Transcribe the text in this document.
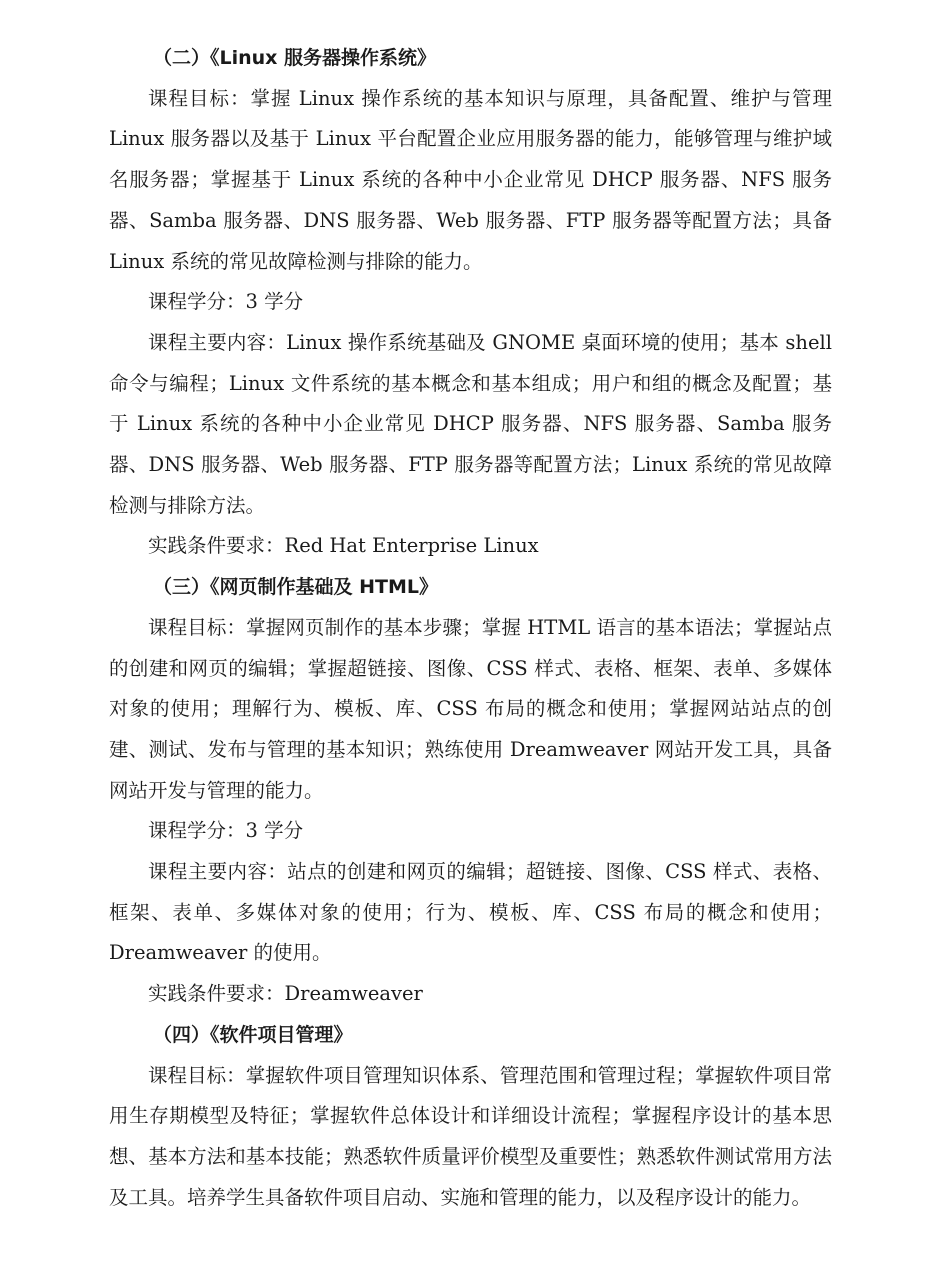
（二）《Linux 服务器操作系统》

课程目标：掌握 Linux 操作系统的基本知识与原理，具备配置、维护与管理 Linux 服务器以及基于 Linux 平台配置企业应用服务器的能力，能够管理与维护域名服务器；掌握基于 Linux 系统的各种中小企业常见 DHCP 服务器、NFS 服务器、Samba 服务器、DNS 服务器、Web 服务器、FTP 服务器等配置方法；具备 Linux 系统的常见故障检测与排除的能力。

课程学分：3 学分

课程主要内容：Linux 操作系统基础及 GNOME 桌面环境的使用；基本 shell 命令与编程；Linux 文件系统的基本概念和基本组成；用户和组的概念及配置；基于 Linux 系统的各种中小企业常见 DHCP 服务器、NFS 服务器、Samba 服务器、DNS 服务器、Web 服务器、FTP 服务器等配置方法；Linux 系统的常见故障检测与排除方法。

实践条件要求：Red Hat Enterprise Linux

（三）《网页制作基础及 HTML》

课程目标：掌握网页制作的基本步骤；掌握 HTML 语言的基本语法；掌握站点的创建和网页的编辑；掌握超链接、图像、CSS 样式、表格、框架、表单、多媒体对象的使用；理解行为、模板、库、CSS 布局的概念和使用；掌握网站站点的创建、测试、发布与管理的基本知识；熟练使用 Dreamweaver 网站开发工具，具备网站开发与管理的能力。

课程学分：3 学分

课程主要内容：站点的创建和网页的编辑；超链接、图像、CSS 样式、表格、框架、表单、多媒体对象的使用；行为、模板、库、CSS 布局的概念和使用；Dreamweaver 的使用。

实践条件要求：Dreamweaver

（四）《软件项目管理》

课程目标：掌握软件项目管理知识体系、管理范围和管理过程；掌握软件项目常用生存期模型及特征；掌握软件总体设计和详细设计流程；掌握程序设计的基本思想、基本方法和基本技能；熟悉软件质量评价模型及重要性；熟悉软件测试常用方法及工具。培养学生具备软件项目启动、实施和管理的能力，以及程序设计的能力。
